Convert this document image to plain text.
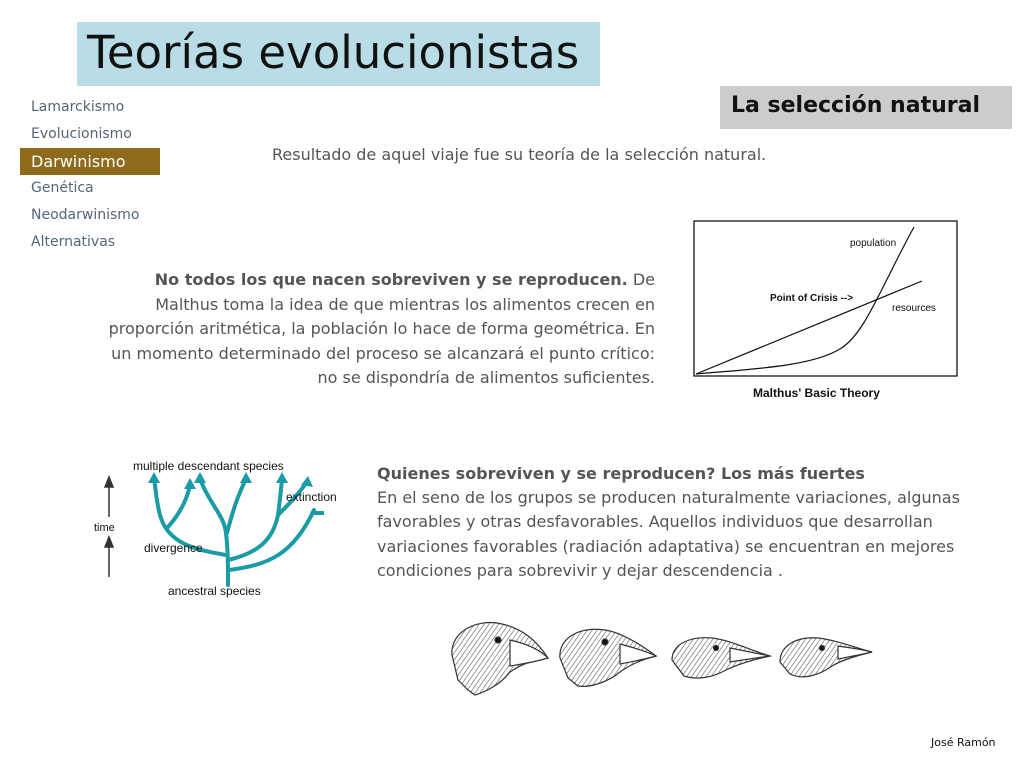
Teorías evolucionistas
Lamarckismo
Evolucionismo
Darwinismo
Genética
Neodarwinismo
Alternativas
La selección natural
Resultado de aquel viaje fue su teoría de la selección natural.
No todos los que nacen sobreviven y se reproducen. De Malthus toma la idea de que mientras los alimentos crecen en proporción aritmética, la población lo hace de forma geométrica. En un momento determinado del proceso se alcanzará el punto crítico: no se dispondría de alimentos suficientes.
population
Point of Crisis -->
resources
Malthus' Basic Theory
multiple descendant species
extinction
time
divergence
ancestral species
Quienes sobreviven y se reproducen? Los más fuertes
En el seno de los grupos se producen naturalmente variaciones, algunas favorables y otras desfavorables. Aquellos individuos que desarrollan variaciones favorables (radiación adaptativa) se encuentran en mejores condiciones para sobrevivir y dejar descendencia .
José Ramón
